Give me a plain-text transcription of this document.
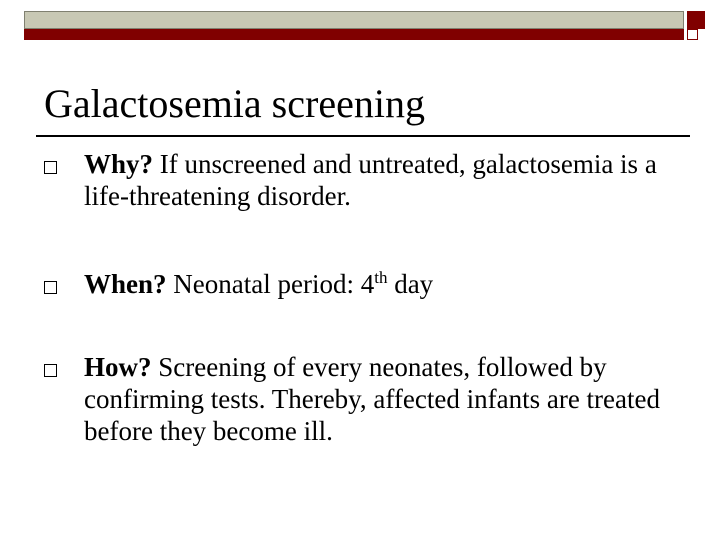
Galactosemia screening
Why? If unscreened and untreated, galactosemia is a life-threatening disorder.
When? Neonatal period: 4th day
How? Screening of every neonates, followed by confirming tests. Thereby, affected infants are treated before they become ill.
